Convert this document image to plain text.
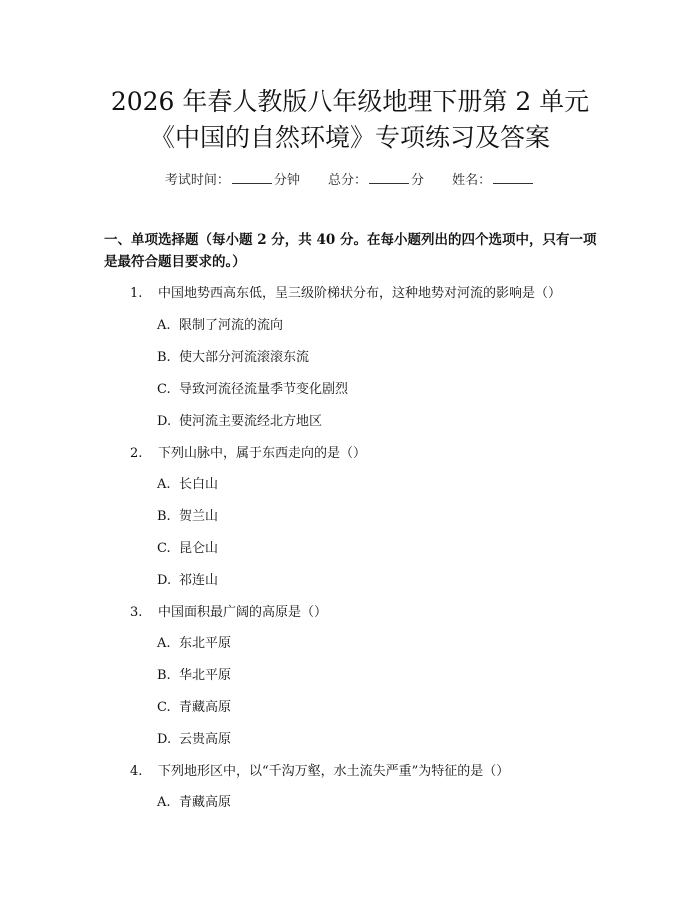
2026 年春人教版八年级地理下册第 2 单元
《中国的自然环境》专项练习及答案
考试时间：	分钟 总分：	分 姓名：
一、单项选择题（每小题 2 分，共 40 分。在每小题列出的四个选项中，只有一项
是最符合题目要求的。）
1. 中国地势西高东低，呈三级阶梯状分布，这种地势对河流的影响是（）
A. 限制了河流的流向
B. 使大部分河流滚滚东流
C. 导致河流径流量季节变化剧烈
D. 使河流主要流经北方地区
2. 下列山脉中，属于东西走向的是（）
A. 长白山
B. 贺兰山
C. 昆仑山
D. 祁连山
3. 中国面积最广阔的高原是（）
A. 东北平原
B. 华北平原
C. 青藏高原
D. 云贵高原
4. 下列地形区中，以“千沟万壑，水土流失严重”为特征的是（）
A. 青藏高原
